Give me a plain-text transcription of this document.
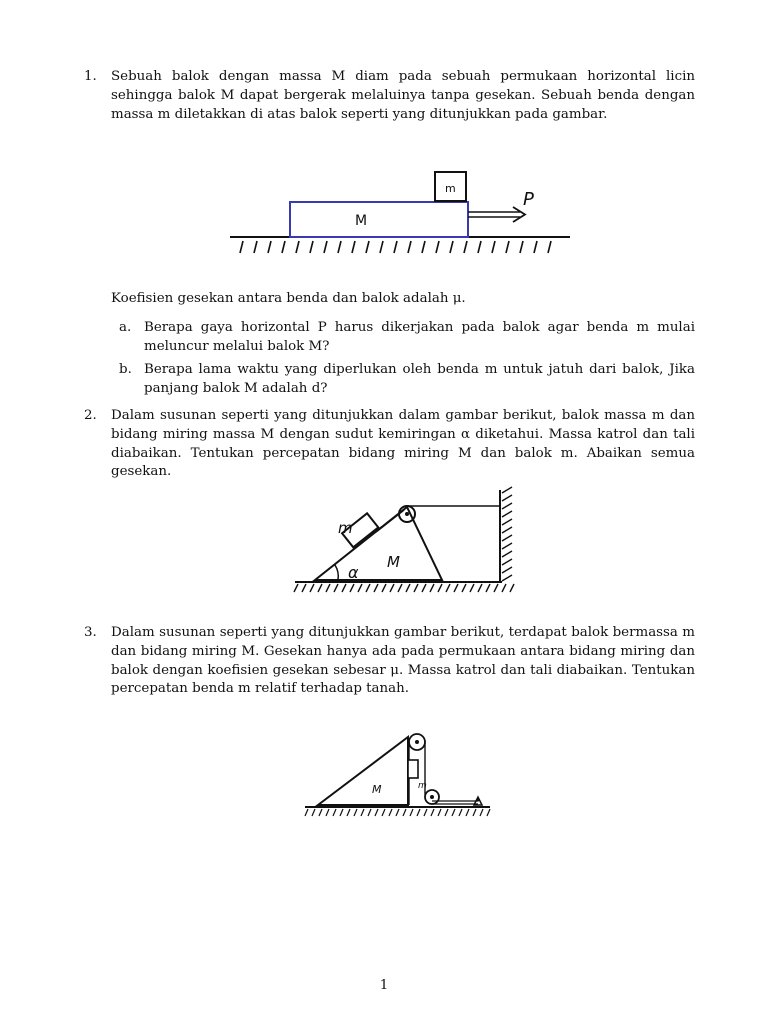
1. Sebuah balok dengan massa M diam pada sebuah permukaan horizontal licin sehingga balok M dapat bergerak melaluinya tanpa gesekan. Sebuah benda dengan massa m diletakkan di atas balok seperti yang ditunjukkan pada gambar.

M
m
P

Koefisien gesekan antara benda dan balok adalah μ.

a. Berapa gaya horizontal P harus dikerjakan pada balok agar benda m mulai meluncur melalui balok M?

b. Berapa lama waktu yang diperlukan oleh benda m untuk jatuh dari balok, Jika panjang balok M adalah d?

2. Dalam susunan seperti yang ditunjukkan dalam gambar berikut, balok massa m dan bidang miring massa M dengan sudut kemiringan α diketahui. Massa katrol dan tali diabaikan. Tentukan percepatan bidang miring M dan balok m. Abaikan semua gesekan.

m
M
α
3. Dalam susunan seperti yang ditunjukkan gambar berikut, terdapat balok bermassa m dan bidang miring M. Gesekan hanya ada pada permukaan antara bidang miring dan balok dengan koefisien gesekan sebesar μ. Massa katrol dan tali diabaikan. Tentukan percepatan benda m relatif terhadap tanah.

M	m
1
